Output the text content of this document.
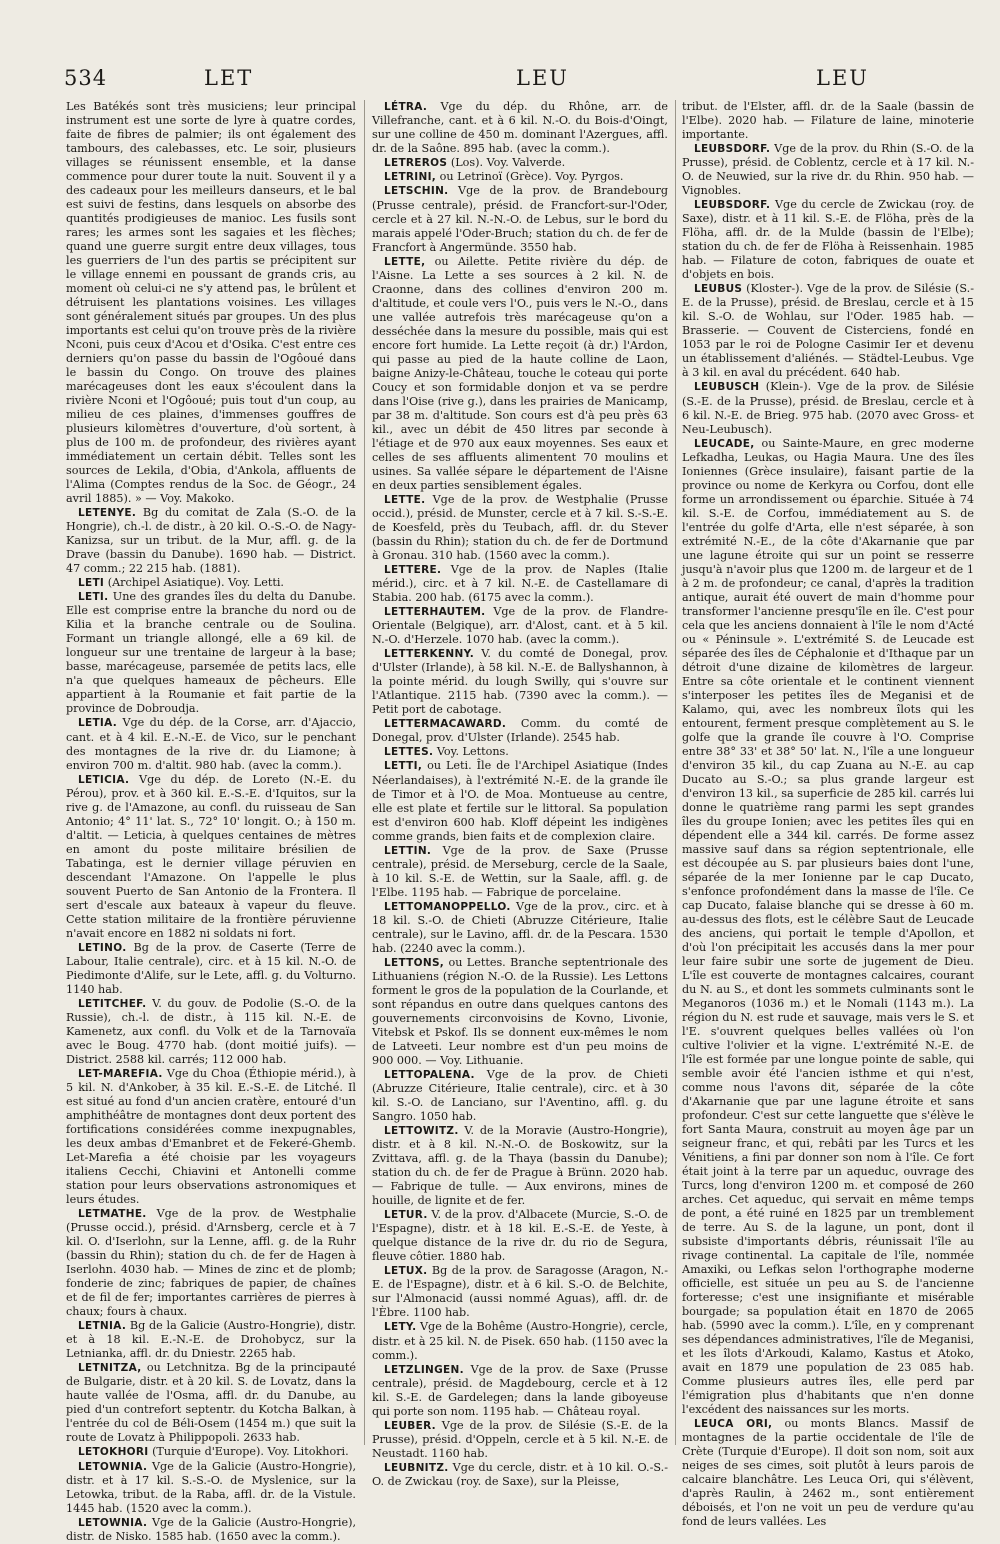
534	LET	LEU	LEU

Les Batékés sont très musiciens; leur principal instrument est une sorte de lyre à quatre cordes, faite de fibres de palmier; ils ont également des tambours, des calebasses, etc. Le soir, plusieurs villages se réunissent ensemble, et la danse commence pour durer toute la nuit. Souvent il y a des cadeaux pour les meilleurs danseurs, et le bal est suivi de festins, dans lesquels on absorbe des quantités prodigieuses de manioc. Les fusils sont rares; les armes sont les sagaies et les flèches; quand une guerre surgit entre deux villages, tous les guerriers de l'un des partis se précipitent sur le village ennemi en poussant de grands cris, au moment où celui-ci ne s'y attend pas, le brûlent et détruisent les plantations voisines. Les villages sont généralement situés par groupes. Un des plus importants est celui qu'on trouve près de la rivière Nconi, puis ceux d'Acou et d'Osika. C'est entre ces derniers qu'on passe du bassin de l'Ogôoué dans le bassin du Congo. On trouve des plaines marécageuses dont les eaux s'écoulent dans la rivière Nconi et l'Ogôoué; puis tout d'un coup, au milieu de ces plaines, d'immenses gouffres de plusieurs kilomètres d'ouverture, d'où sortent, à plus de 100 m. de profondeur, des rivières ayant immédiatement un certain débit. Telles sont les sources de Lekila, d'Obia, d'Ankola, affluents de l'Alima (Comptes rendus de la Soc. de Géogr., 24 avril 1885). » — Voy. Makoko.

LETENYE. Bg du comitat de Zala (S.-O. de la Hongrie), ch.-l. de distr., à 20 kil. O.-S.-O. de Nagy-Kanizsa, sur un tribut. de la Mur, affl. g. de la Drave (bassin du Danube). 1690 hab. — District. 47 comm.; 22 215 hab. (1881).

LETI (Archipel Asiatique). Voy. Letti.

LETI. Une des grandes îles du delta du Danube. Elle est comprise entre la branche du nord ou de Kilia et la branche centrale ou de Soulina. Formant un triangle allongé, elle a 69 kil. de longueur sur une trentaine de largeur à la base; basse, marécageuse, parsemée de petits lacs, elle n'a que quelques hameaux de pêcheurs. Elle appartient à la Roumanie et fait partie de la province de Dobroudja.

LETIA. Vge du dép. de la Corse, arr. d'Ajaccio, cant. et à 4 kil. E.-N.-E. de Vico, sur le penchant des montagnes de la rive dr. du Liamone; à environ 700 m. d'altit. 980 hab. (avec la comm.).

LETICIA. Vge du dép. de Loreto (N.-E. du Pérou), prov. et à 360 kil. E.-S.-E. d'Iquitos, sur la rive g. de l'Amazone, au confl. du ruisseau de San Antonio; 4° 11' lat. S., 72° 10' longit. O.; à 150 m. d'altit. — Leticia, à quelques centaines de mètres en amont du poste militaire brésilien de Tabatinga, est le dernier village péruvien en descendant l'Amazone. On l'appelle le plus souvent Puerto de San Antonio de la Frontera. Il sert d'escale aux bateaux à vapeur du fleuve. Cette station militaire de la frontière péruvienne n'avait encore en 1882 ni soldats ni fort.

LETINO. Bg de la prov. de Caserte (Terre de Labour, Italie centrale), circ. et à 15 kil. N.-O. de Piedimonte d'Alife, sur le Lete, affl. g. du Volturno. 1140 hab.

LETITCHEF. V. du gouv. de Podolie (S.-O. de la Russie), ch.-l. de distr., à 115 kil. N.-E. de Kamenetz, aux confl. du Volk et de la Tarnovaïa avec le Boug. 4770 hab. (dont moitié juifs). — District. 2588 kil. carrés; 112 000 hab.

LET-MAREFIA. Vge du Choa (Éthiopie mérid.), à 5 kil. N. d'Ankober, à 35 kil. E.-S.-E. de Litché. Il est situé au fond d'un ancien cratère, entouré d'un amphithéâtre de montagnes dont deux portent des fortifications considérées comme inexpugnables, les deux ambas d'Emanbret et de Fekeré-Ghemb. Let-Marefia a été choisie par les voyageurs italiens Cecchi, Chiavini et Antonelli comme station pour leurs observations astronomiques et leurs études.

LETMATHE. Vge de la prov. de Westphalie (Prusse occid.), présid. d'Arnsberg, cercle et à 7 kil. O. d'Iserlohn, sur la Lenne, affl. g. de la Ruhr (bassin du Rhin); station du ch. de fer de Hagen à Iserlohn. 4030 hab. — Mines de zinc et de plomb; fonderie de zinc; fabriques de papier, de chaînes et de fil de fer; importantes carrières de pierres à chaux; fours à chaux.

LETNIA. Bg de la Galicie (Austro-Hongrie), distr. et à 18 kil. E.-N.-E. de Drohobycz, sur la Letnianka, affl. dr. du Dniestr. 2265 hab.

LETNITZA, ou Letchnitza. Bg de la principauté de Bulgarie, distr. et à 20 kil. S. de Lovatz, dans la haute vallée de l'Osma, affl. dr. du Danube, au pied d'un contrefort septentr. du Kotcha Balkan, à l'entrée du col de Béli-Osem (1454 m.) que suit la route de Lovatz à Philippopoli. 2633 hab.

LETOKHORI (Turquie d'Europe). Voy. Litokhori.

LETOWNIA. Vge de la Galicie (Austro-Hongrie), distr. et à 17 kil. S.-S.-O. de Myslenice, sur la Letowka, tribut. de la Raba, affl. dr. de la Vistule. 1445 hab. (1520 avec la comm.).

LETOWNIA. Vge de la Galicie (Austro-Hongrie), distr. de Nisko. 1585 hab. (1650 avec la comm.).

LÉTRA. Vge du dép. du Rhône, arr. de Villefranche, cant. et à 6 kil. N.-O. du Bois-d'Oingt, sur une colline de 450 m. dominant l'Azergues, affl. dr. de la Saône. 895 hab. (avec la comm.).

LETREROS (Los). Voy. Valverde.

LETRINI, ou Letrinoï (Grèce). Voy. Pyrgos.

LETSCHIN. Vge de la prov. de Brandebourg (Prusse centrale), présid. de Francfort-sur-l'Oder, cercle et à 27 kil. N.-N.-O. de Lebus, sur le bord du marais appelé l'Oder-Bruch; station du ch. de fer de Francfort à Angermünde. 3550 hab.

LETTE, ou Ailette. Petite rivière du dép. de l'Aisne. La Lette a ses sources à 2 kil. N. de Craonne, dans des collines d'environ 200 m. d'altitude, et coule vers l'O., puis vers le N.-O., dans une vallée autrefois très marécageuse qu'on a desséchée dans la mesure du possible, mais qui est encore fort humide. La Lette reçoit (à dr.) l'Ardon, qui passe au pied de la haute colline de Laon, baigne Anizy-le-Château, touche le coteau qui porte Coucy et son formidable donjon et va se perdre dans l'Oise (rive g.), dans les prairies de Manicamp, par 38 m. d'altitude. Son cours est d'à peu près 63 kil., avec un débit de 450 litres par seconde à l'étiage et de 970 aux eaux moyennes. Ses eaux et celles de ses affluents alimentent 70 moulins et usines. Sa vallée sépare le département de l'Aisne en deux parties sensiblement égales.

LETTE. Vge de la prov. de Westphalie (Prusse occid.), présid. de Munster, cercle et à 7 kil. S.-S.-E. de Koesfeld, près du Teubach, affl. dr. du Stever (bassin du Rhin); station du ch. de fer de Dortmund à Gronau. 310 hab. (1560 avec la comm.).

LETTERE. Vge de la prov. de Naples (Italie mérid.), circ. et à 7 kil. N.-E. de Castellamare di Stabia. 200 hab. (6175 avec la comm.).

LETTERHAUTEM. Vge de la prov. de Flandre-Orientale (Belgique), arr. d'Alost, cant. et à 5 kil. N.-O. d'Herzele. 1070 hab. (avec la comm.).

LETTERKENNY. V. du comté de Donegal, prov. d'Ulster (Irlande), à 58 kil. N.-E. de Ballyshannon, à la pointe mérid. du lough Swilly, qui s'ouvre sur l'Atlantique. 2115 hab. (7390 avec la comm.). — Petit port de cabotage.

LETTERMACAWARD. Comm. du comté de Donegal, prov. d'Ulster (Irlande). 2545 hab.

LETTES. Voy. Lettons.

LETTI, ou Leti. Île de l'Archipel Asiatique (Indes Néerlandaises), à l'extrémité N.-E. de la grande île de Timor et à l'O. de Moa. Montueuse au centre, elle est plate et fertile sur le littoral. Sa population est d'environ 600 hab. Kloff dépeint les indigènes comme grands, bien faits et de complexion claire.

LETTIN. Vge de la prov. de Saxe (Prusse centrale), présid. de Merseburg, cercle de la Saale, à 10 kil. S.-E. de Wettin, sur la Saale, affl. g. de l'Elbe. 1195 hab. — Fabrique de porcelaine.

LETTOMANOPPELLO. Vge de la prov., circ. et à 18 kil. S.-O. de Chieti (Abruzze Citérieure, Italie centrale), sur le Lavino, affl. dr. de la Pescara. 1530 hab. (2240 avec la comm.).

LETTONS, ou Lettes. Branche septentrionale des Lithuaniens (région N.-O. de la Russie). Les Lettons forment le gros de la population de la Courlande, et sont répandus en outre dans quelques cantons des gouvernements circonvoisins de Kovno, Livonie, Vitebsk et Pskof. Ils se donnent eux-mêmes le nom de Latveeti. Leur nombre est d'un peu moins de 900 000. — Voy. Lithuanie.

LETTOPALENA. Vge de la prov. de Chieti (Abruzze Citérieure, Italie centrale), circ. et à 30 kil. S.-O. de Lanciano, sur l'Aventino, affl. g. du Sangro. 1050 hab.

LETTOWITZ. V. de la Moravie (Austro-Hongrie), distr. et à 8 kil. N.-N.-O. de Boskowitz, sur la Zvittava, affl. g. de la Thaya (bassin du Danube); station du ch. de fer de Prague à Brünn. 2020 hab. — Fabrique de tulle. — Aux environs, mines de houille, de lignite et de fer.

LETUR. V. de la prov. d'Albacete (Murcie, S.-O. de l'Espagne), distr. et à 18 kil. E.-S.-E. de Yeste, à quelque distance de la rive dr. du rio de Segura, fleuve côtier. 1880 hab.

LETUX. Bg de la prov. de Saragosse (Aragon, N.-E. de l'Espagne), distr. et à 6 kil. S.-O. de Belchite, sur l'Almonacid (aussi nommé Aguas), affl. dr. de l'Èbre. 1100 hab.

LETY. Vge de la Bohême (Austro-Hongrie), cercle, distr. et à 25 kil. N. de Pisek. 650 hab. (1150 avec la comm.).

LETZLINGEN. Vge de la prov. de Saxe (Prusse centrale), présid. de Magdebourg, cercle et à 12 kil. S.-E. de Gardelegen; dans la lande giboyeuse qui porte son nom. 1195 hab. — Château royal.

LEUBER. Vge de la prov. de Silésie (S.-E. de la Prusse), présid. d'Oppeln, cercle et à 5 kil. N.-E. de Neustadt. 1160 hab.

LEUBNITZ. Vge du cercle, distr. et à 10 kil. O.-S.-O. de Zwickau (roy. de Saxe), sur la Pleisse,

tribut. de l'Elster, affl. dr. de la Saale (bassin de l'Elbe). 2020 hab. — Filature de laine, minoterie importante.

LEUBSDORF. Vge de la prov. du Rhin (S.-O. de la Prusse), présid. de Coblentz, cercle et à 17 kil. N.-O. de Neuwied, sur la rive dr. du Rhin. 950 hab. — Vignobles.

LEUBSDORF. Vge du cercle de Zwickau (roy. de Saxe), distr. et à 11 kil. S.-E. de Flöha, près de la Flöha, affl. dr. de la Mulde (bassin de l'Elbe); station du ch. de fer de Flöha à Reissenhain. 1985 hab. — Filature de coton, fabriques de ouate et d'objets en bois.

LEUBUS (Kloster-). Vge de la prov. de Silésie (S.-E. de la Prusse), présid. de Breslau, cercle et à 15 kil. S.-O. de Wohlau, sur l'Oder. 1985 hab. — Brasserie. — Couvent de Cisterciens, fondé en 1053 par le roi de Pologne Casimir Ier et devenu un établissement d'aliénés. — Städtel-Leubus. Vge à 3 kil. en aval du précédent. 640 hab.

LEUBUSCH (Klein-). Vge de la prov. de Silésie (S.-E. de la Prusse), présid. de Breslau, cercle et à 6 kil. N.-E. de Brieg. 975 hab. (2070 avec Gross- et Neu-Leubusch).

LEUCADE, ou Sainte-Maure, en grec moderne Lefkadha, Leukas, ou Hagia Maura. Une des îles Ioniennes (Grèce insulaire), faisant partie de la province ou nome de Kerkyra ou Corfou, dont elle forme un arrondissement ou éparchie. Située à 74 kil. S.-E. de Corfou, immédiatement au S. de l'entrée du golfe d'Arta, elle n'est séparée, à son extrémité N.-E., de la côte d'Akarnanie que par une lagune étroite qui sur un point se resserre jusqu'à n'avoir plus que 1200 m. de largeur et de 1 à 2 m. de profondeur; ce canal, d'après la tradition antique, aurait été ouvert de main d'homme pour transformer l'ancienne presqu'île en île. C'est pour cela que les anciens donnaient à l'île le nom d'Acté ou « Péninsule ». L'extrémité S. de Leucade est séparée des îles de Céphalonie et d'Ithaque par un détroit d'une dizaine de kilomètres de largeur. Entre sa côte orientale et le continent viennent s'interposer les petites îles de Meganisi et de Kalamo, qui, avec les nombreux îlots qui les entourent, ferment presque complètement au S. le golfe que la grande île couvre à l'O. Comprise entre 38° 33' et 38° 50' lat. N., l'île a une longueur d'environ 35 kil., du cap Zuana au N.-E. au cap Ducato au S.-O.; sa plus grande largeur est d'environ 13 kil., sa superficie de 285 kil. carrés lui donne le quatrième rang parmi les sept grandes îles du groupe Ionien; avec les petites îles qui en dépendent elle a 344 kil. carrés. De forme assez massive sauf dans sa région septentrionale, elle est découpée au S. par plusieurs baies dont l'une, séparée de la mer Ionienne par le cap Ducato, s'enfonce profondément dans la masse de l'île. Ce cap Ducato, falaise blanche qui se dresse à 60 m. au-dessus des flots, est le célèbre Saut de Leucade des anciens, qui portait le temple d'Apollon, et d'où l'on précipitait les accusés dans la mer pour leur faire subir une sorte de jugement de Dieu. L'île est couverte de montagnes calcaires, courant du N. au S., et dont les sommets culminants sont le Meganoros (1036 m.) et le Nomali (1143 m.). La région du N. est rude et sauvage, mais vers le S. et l'E. s'ouvrent quelques belles vallées où l'on cultive l'olivier et la vigne. L'extrémité N.-E. de l'île est formée par une longue pointe de sable, qui semble avoir été l'ancien isthme et qui n'est, comme nous l'avons dit, séparée de la côte d'Akarnanie que par une lagune étroite et sans profondeur. C'est sur cette languette que s'élève le fort Santa Maura, construit au moyen âge par un seigneur franc, et qui, rebâti par les Turcs et les Vénitiens, a fini par donner son nom à l'île. Ce fort était joint à la terre par un aqueduc, ouvrage des Turcs, long d'environ 1200 m. et composé de 260 arches. Cet aqueduc, qui servait en même temps de pont, a été ruiné en 1825 par un tremblement de terre. Au S. de la lagune, un pont, dont il subsiste d'importants débris, réunissait l'île au rivage continental. La capitale de l'île, nommée Amaxiki, ou Lefkas selon l'orthographe moderne officielle, est située un peu au S. de l'ancienne forteresse; c'est une insignifiante et misérable bourgade; sa population était en 1870 de 2065 hab. (5990 avec la comm.). L'île, en y comprenant ses dépendances administratives, l'île de Meganisi, et les îlots d'Arkoudi, Kalamo, Kastus et Atoko, avait en 1879 une population de 23 085 hab. Comme plusieurs autres îles, elle perd par l'émigration plus d'habitants que n'en donne l'excédent des naissances sur les morts.

LEUCA ORI, ou monts Blancs. Massif de montagnes de la partie occidentale de l'île de Crète (Turquie d'Europe). Il doit son nom, soit aux neiges de ses cimes, soit plutôt à leurs parois de calcaire blanchâtre. Les Leuca Ori, qui s'élèvent, d'après Raulin, à 2462 m., sont entièrement déboisés, et l'on ne voit un peu de verdure qu'au fond de leurs vallées. Les
